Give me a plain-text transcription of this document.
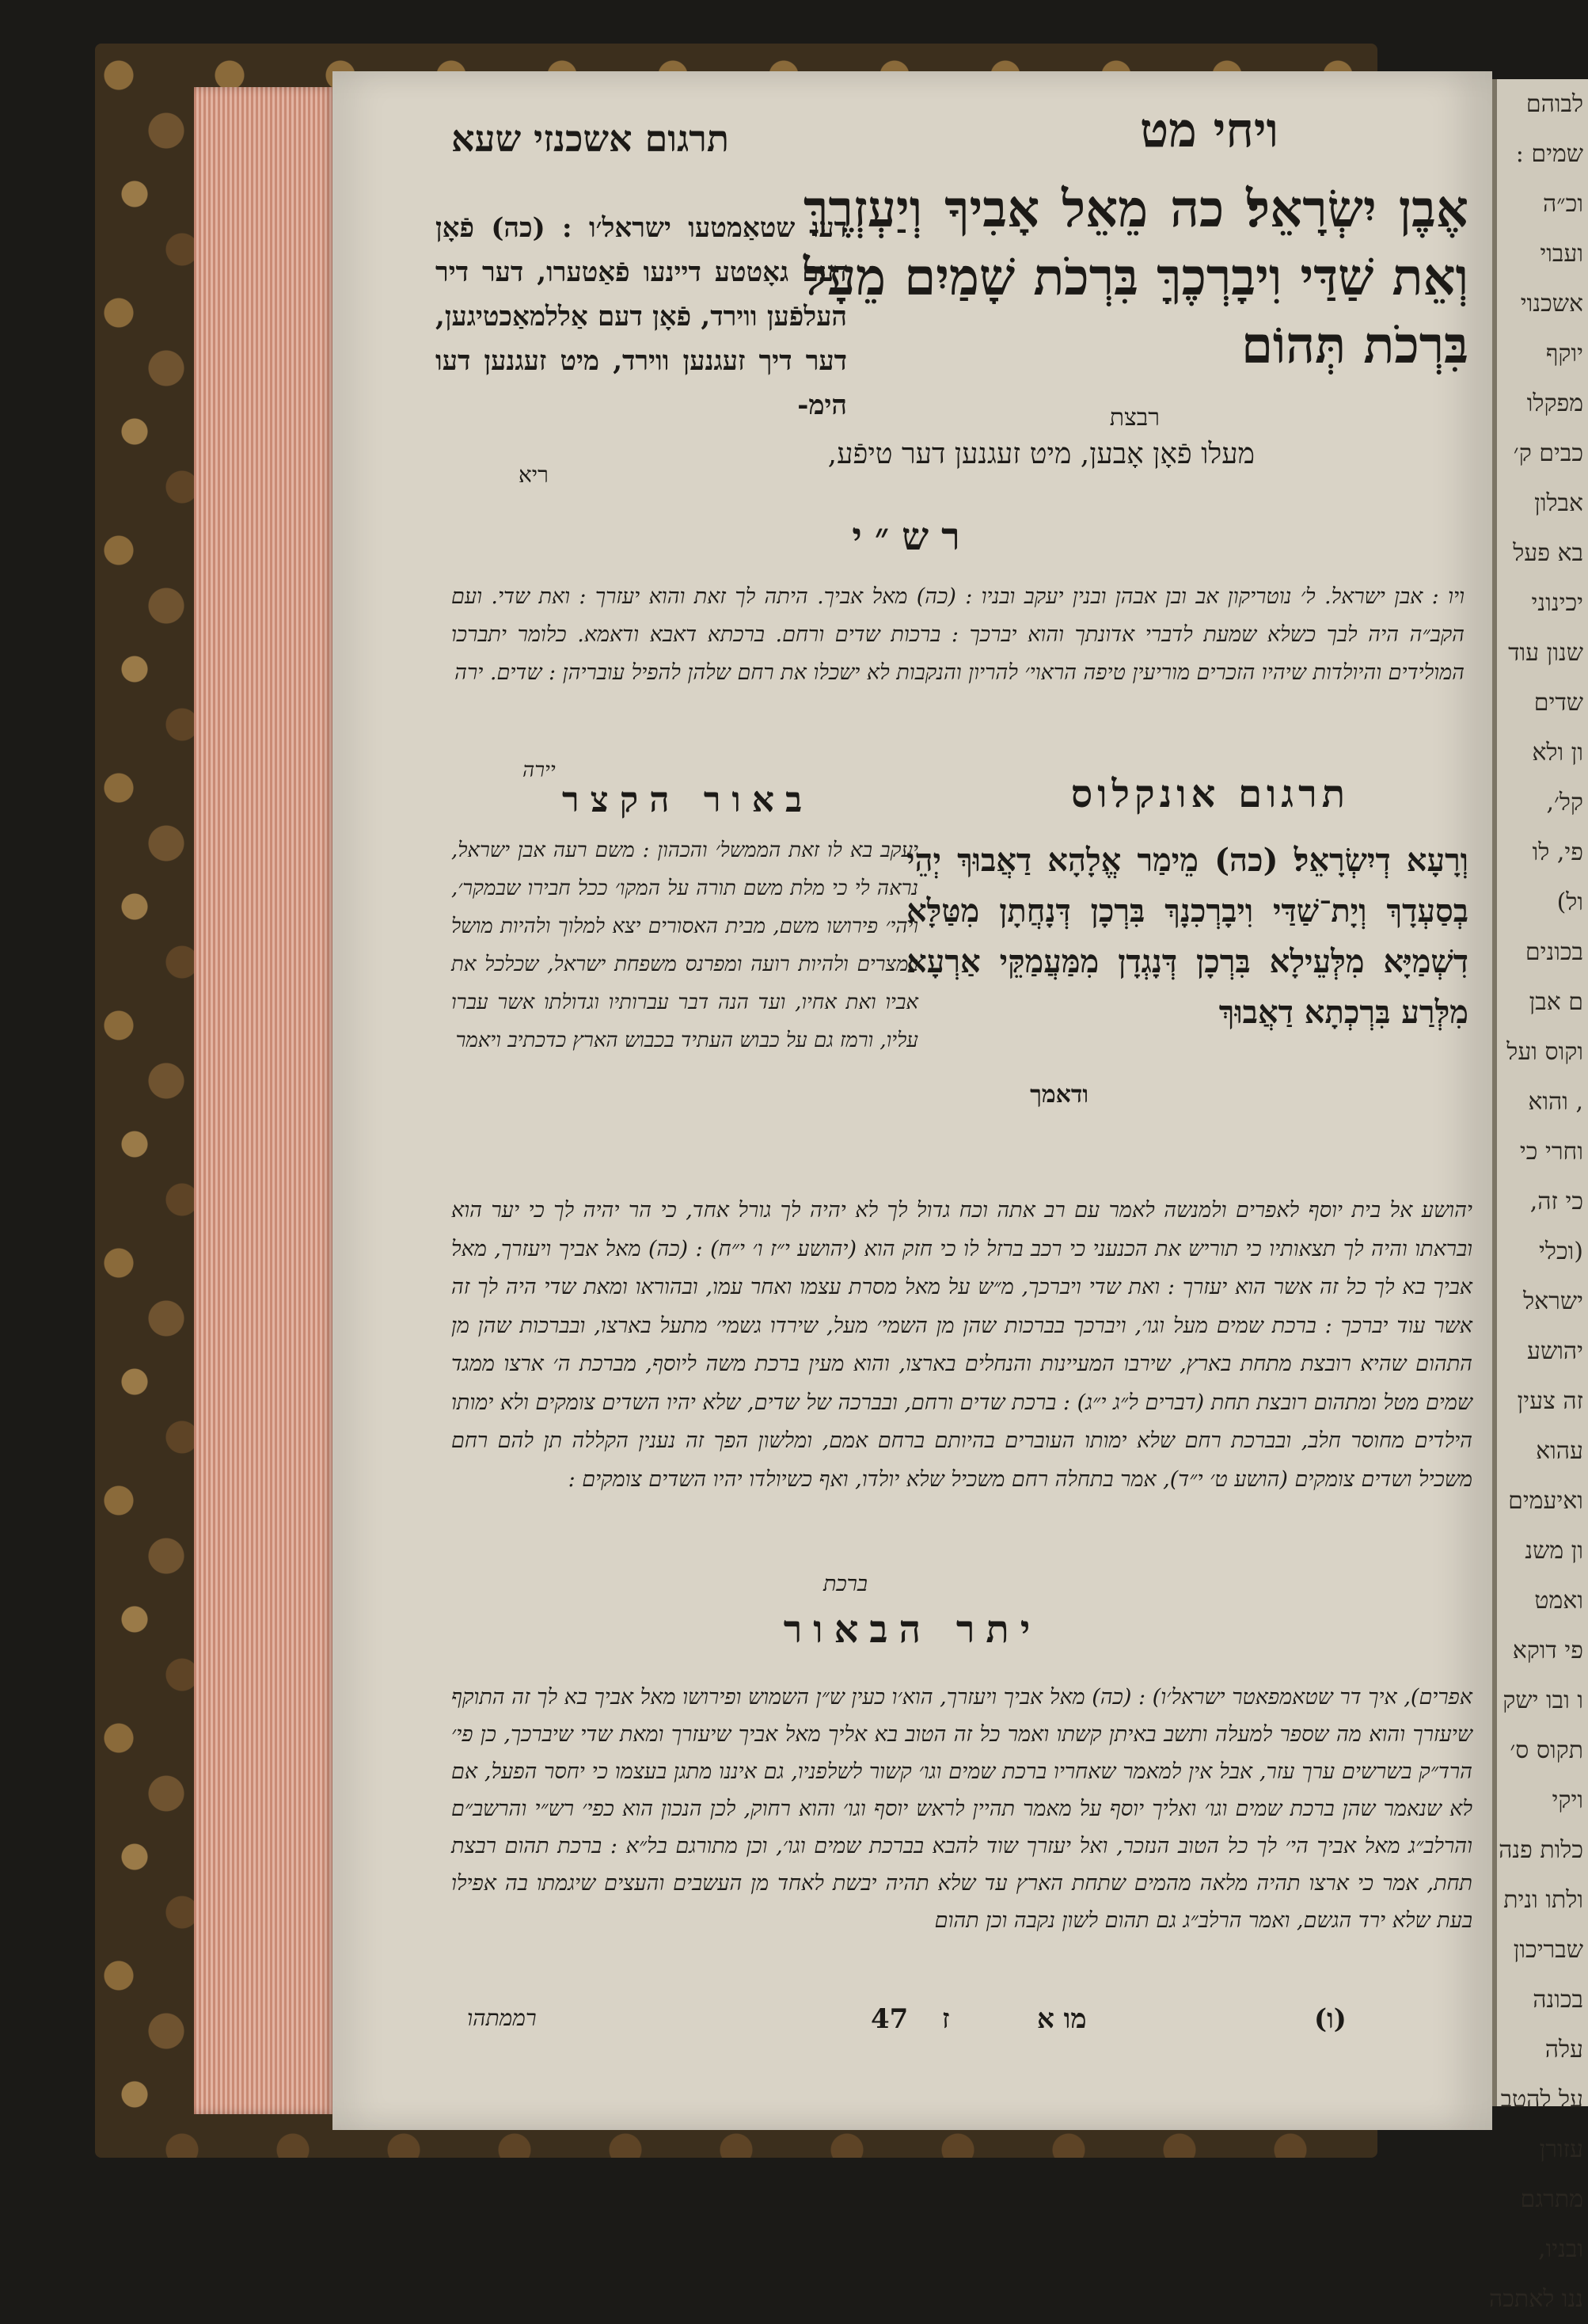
ויחי מט
תרגום אשכנזי שעא
אֶבֶן יִשְׂרָאֵל׃ כה מֵאֵל אָבִיךָ וְיַעְזְרֶךָּ וְאֵת שַׁדַּי וִיבָרְכֶךָּ בִּרְכֹת שָׁמַיִם מֵעָל בִּרְכֹת תְּהוֹם
רבצת
מעלו פֿאָן אָבען, מיט זעגנען דער טיפֿע,
דעו שטאַמטעו ישראל׳ו : (כה) פֿאָן דעם גאָטטע דיינעו פֿאַטערו, דער דיר העלפֿען ווירד, פֿאָן דעם אַללמאַכטיגען, דער דיך זעגנען ווירד, מיט זעגנען דעו הימ-
ריא
רש״י
ויו : אבן ישראל. ל׳ נוטריקון אב ובן אבהן ובנין יעקב ובניו : (כה) מאל אביך. היתה לך זאת והוא יעזרך : ואת שדי. ועם הקב״ה היה לבך כשלא שמעת לדברי אדונתך והוא יברכך : ברכות שדים ורחם. ברכתא דאבא ודאמא. כלומר יתברכו המולידים והיולדות שיהיו הזכרים מוריעין טיפה הראוי׳ להריון והנקבות לא ישכלו את רחם שלהן להפיל עובריהן : שדים. ירה
יירה
תרגום אונקלוס
באור הקצר
וְרָעָא דְיִשְׂרָאֵל׃ (כה) מֵימַר אֱלָהָא דַאֲבוּךְ יְהֵי בְסַעְדָךְ וְיָת־שַׁדַּי וִיבָרְכִנָךְ בִּרְכָן דְּנָחֲתָן מִטַּלָּא דִשְׁמַיָּא מִלְּעֵילָא בִּרְכָן דְּנָגְדָן מִמַּעֲמַקֵּי אַרְעָא מִלְּרַע בִּרְכְתָא דַאֲבוּךְ
ודאמך
יעקב בא לו זאת הממשל׳ והכהון : משם רעה אבן ישראל, נראה לי כי מלת משם תורה על המקו׳ ככל חבירו שבמקר׳, ויהי׳ פירושו משם, מבית האסורים יצא למלוך ולהיות מושל במצרים ולהיות רועה ומפרנס משפחת ישראל, שכלכל את אביו ואת אחיו, ועד הנה דבר עברותיו וגדולתו אשר עברו עליו, ורמז גם על כבוש העתיד בכבוש הארץ כדכתיב ויאמר
יהושע אל בית יוסף לאפרים ולמנשה לאמר עם רב אתה וכח גדול לך לא יהיה לך גורל אחד, כי הר יהיה לך כי יער הוא ובראתו והיה לך תצאותיו כי תוריש את הכנעני כי רכב ברזל לו כי חזק הוא (יהושע י״ז ו׳ י״ח) : (כה) מאל אביך ויעזרך, מאל אביך בא לך כל זה אשר הוא יעזרך : ואת שדי ויברכך, מ״ש על מאל מסרת עצמו ואחר עמו, ובהוראו ומאת שדי היה לך זה אשר עוד יברכך : ברכת שמים מעל וגו׳, ויברכך בברכות שהן מן השמי׳ מעל, שירדו גשמי׳ מתעל בארצו, ובברכות שהן מן התהום שהיא רובצת מתחת בארץ, שירבו המעיינות והנחלים בארצו, והוא מעין ברכת משה ליוסף, מברכת ה׳ ארצו ממגד שמים מטל ומתהום רובצת תחת (דברים ל״ג י״ג) : ברכת שדים ורחם, ובברכה של שדים, שלא יהיו השדים צומקים ולא ימותו הילדים מחוסר חלב, ובברכת רחם שלא ימותו העוברים בהיותם ברחם אמם, ומלשון הפך זה נענין הקללה תן להם רחם משכיל ושדים צומקים (הושע ט׳ י״ד), אמר בתחלה רחם משכיל שלא יולדו, ואף כשיולדו יהיו השדים צומקים :
ברכת
יתר הבאור
אפרים), איך דר שטאמפאטר ישראל׳ו) : (כה) מאל אביך ויעזרך, הוא׳ו כעין ש״ן השמוש ופירושו מאל אביך בא לך זה התוקף שיעזרך והוא מה שספר למעלה ותשב באיתן קשתו ואמר כל זה הטוב בא אליך מאל אביך שיעזרך ומאת שדי שיברכך, כן פי׳ הרד״ק בשרשים ערך עזר, אבל אין למאמר שאחריו ברכת שמים וגו׳ קשור לשלפניו, גם איננו מתגן בעצמו כי יחסר הפעל, אם לא שנאמר שהן ברכת שמים וגו׳ ואליך יוסף על מאמר תהיין לראש יוסף וגו׳ והוא רחוק, לכן הנכון הוא כפי׳ רש״י והרשב״ם והרלב״ג מאל אביך הי׳ לך כל הטוב הנזכר, ואל יעזרך שוד להבא בברכת שמים וגו׳, וכן מתורגם בל״א : ברכת תהום רבצת תחת, אמר כי ארצו תהיה מלאה מהמים שתחת הארץ עד שלא תהיה יבשת לאחד מן העשבים והעצים שיגמתו בה אפילו בעת שלא ירד הגשם, ואמר הרלב״ג גם תהום לשון נקבה וכן תהום
רממתהו	47 ז	מו א	(ו)
לבוהם
שמים :
וכ״ה
ועבוי
אשכנוי
יוקף
מפקלו
כבים ק׳
אבלון
בא פעל
יכינוני
שנון עוד
שדים
ון ולא
קל׳,
פי, לו
ול)
בכונים
ם אבן
וקוס ועל
, והוא
וחרי כי
כי זה,
(וכלי
ישראל
יהושע
זה צעין
עהוא
ואיעמים
ון משנ
ואמט
פי דוקא
ו ובו ישק
תקוס ס׳
ויקי
כלות פנה
ולתו ונית
שבריכון
בכונה
עלה
על להטב
עזורן
מתרגם
ובניו,
ננו לאתכה
